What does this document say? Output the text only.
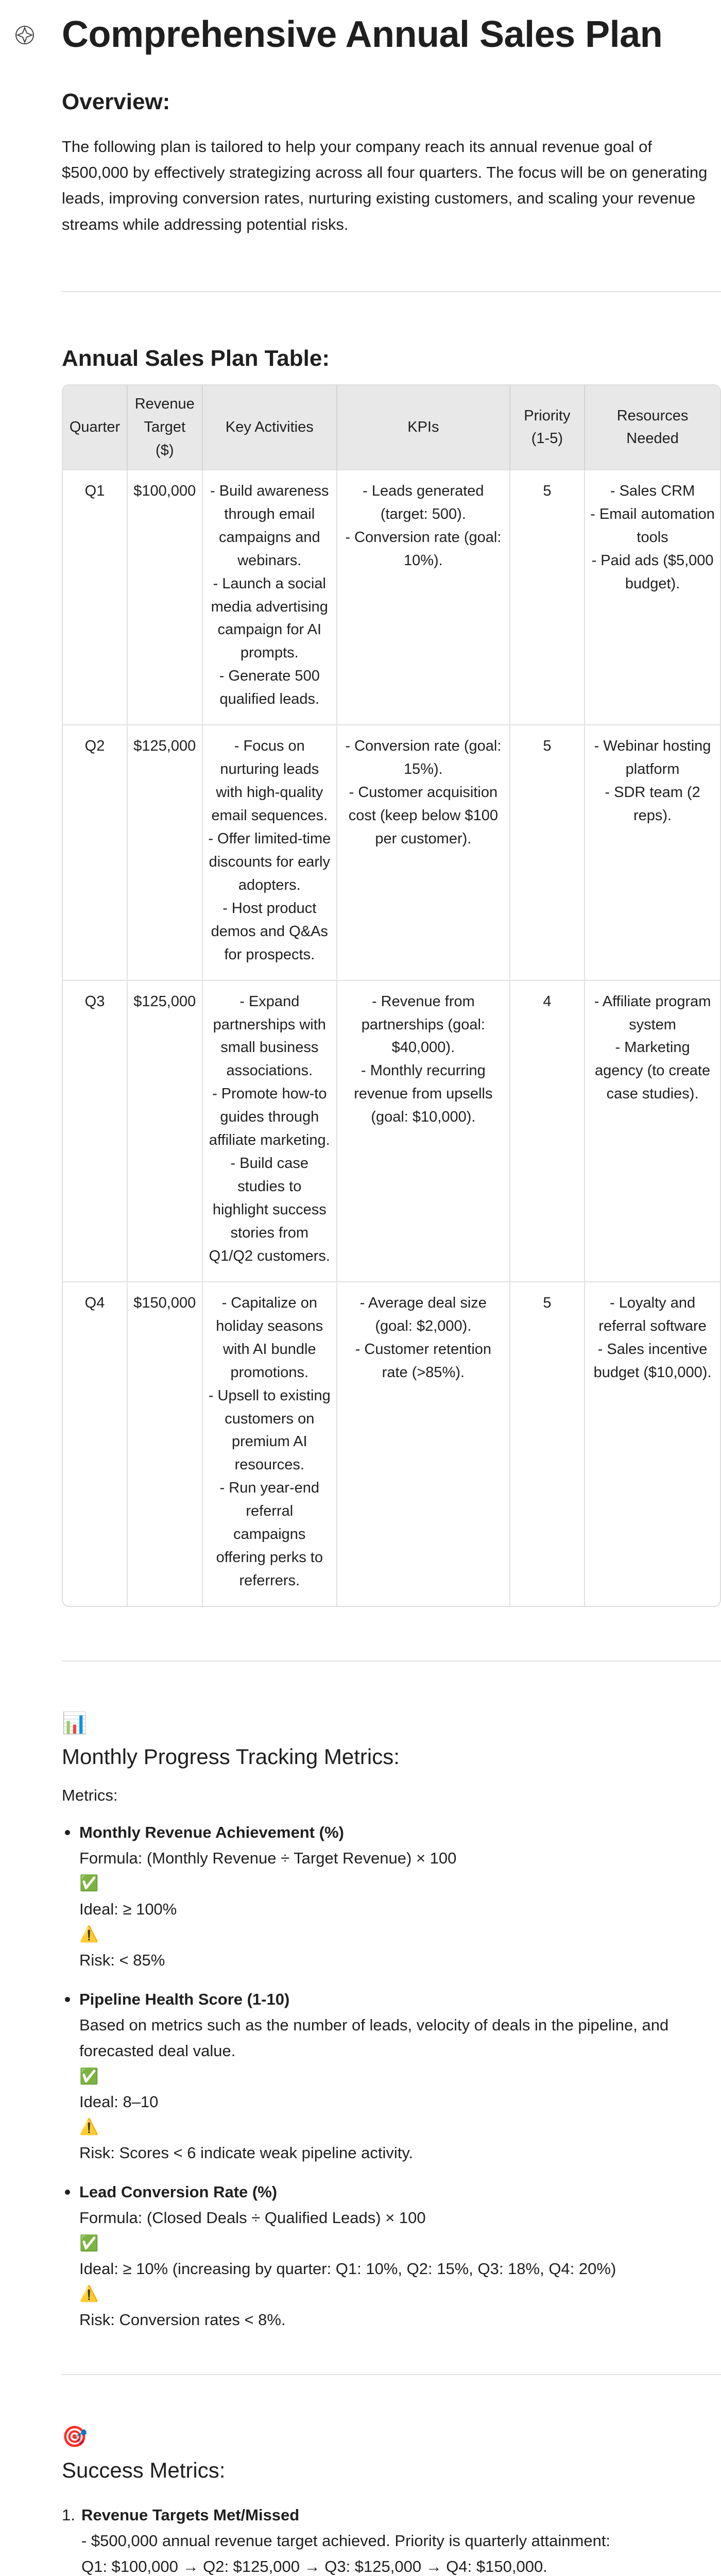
Comprehensive Annual Sales Plan
Overview:

The following plan is tailored to help your company reach its annual revenue goal of $500,000 by effectively strategizing across all four quarters. The focus will be on generating leads, improving conversion rates, nurturing existing customers, and scaling your revenue streams while addressing potential risks.

Annual Sales Plan Table:
Quarter	Revenue Target ($)	Key Activities	KPIs	Priority (1-5)	Resources Needed
Q1	$100,000	- Build awareness through email campaigns and webinars.
- Launch a social media advertising campaign for AI prompts.
- Generate 500 qualified leads.	- Leads generated (target: 500).
- Conversion rate (goal: 10%).	5	- Sales CRM
- Email automation tools
- Paid ads ($5,000 budget).

Q2	$125,000	- Focus on nurturing leads with high-quality email sequences.
- Offer limited-time discounts for early adopters.
- Host product demos and Q&As for prospects.	- Conversion rate (goal: 15%).
- Customer acquisition cost (keep below $100 per customer).	5	- Webinar hosting platform
- SDR team (2 reps).

Q3	$125,000	- Expand partnerships with small business associations.
- Promote how-to guides through affiliate marketing.
- Build case studies to highlight success stories from Q1/Q2 customers.	- Revenue from partnerships (goal: $40,000).
- Monthly recurring revenue from upsells (goal: $10,000).	4	- Affiliate program system
- Marketing agency (to create case studies).

Q4	$150,000	- Capitalize on holiday seasons with AI bundle promotions.
- Upsell to existing customers on premium AI resources.
- Run year-end referral campaigns offering perks to referrers.	- Average deal size (goal: $2,000).
- Customer retention rate (>85%).	5	- Loyalty and referral software
- Sales incentive budget ($10,000).
📊
Monthly Progress Tracking Metrics:

Metrics:

Monthly Revenue Achievement (%)
Formula: (Monthly Revenue ÷ Target Revenue) × 100
✅
Ideal: ≥ 100%
⚠️
Risk: < 85%
Pipeline Health Score (1-10)
Based on metrics such as the number of leads, velocity of deals in the pipeline, and forecasted deal value.
✅
Ideal: 8–10
⚠️
Risk: Scores < 6 indicate weak pipeline activity.
Lead Conversion Rate (%)
Formula: (Closed Deals ÷ Qualified Leads) × 100
✅
Ideal: ≥ 10% (increasing by quarter: Q1: 10%, Q2: 15%, Q3: 18%, Q4: 20%)
⚠️
Risk: Conversion rates < 8%.
🎯
Success Metrics:
1. Revenue Targets Met/Missed
- $500,000 annual revenue target achieved. Priority is quarterly attainment:
Q1: $100,000 → Q2: $125,000 → Q3: $125,000 → Q4: $150,000.
